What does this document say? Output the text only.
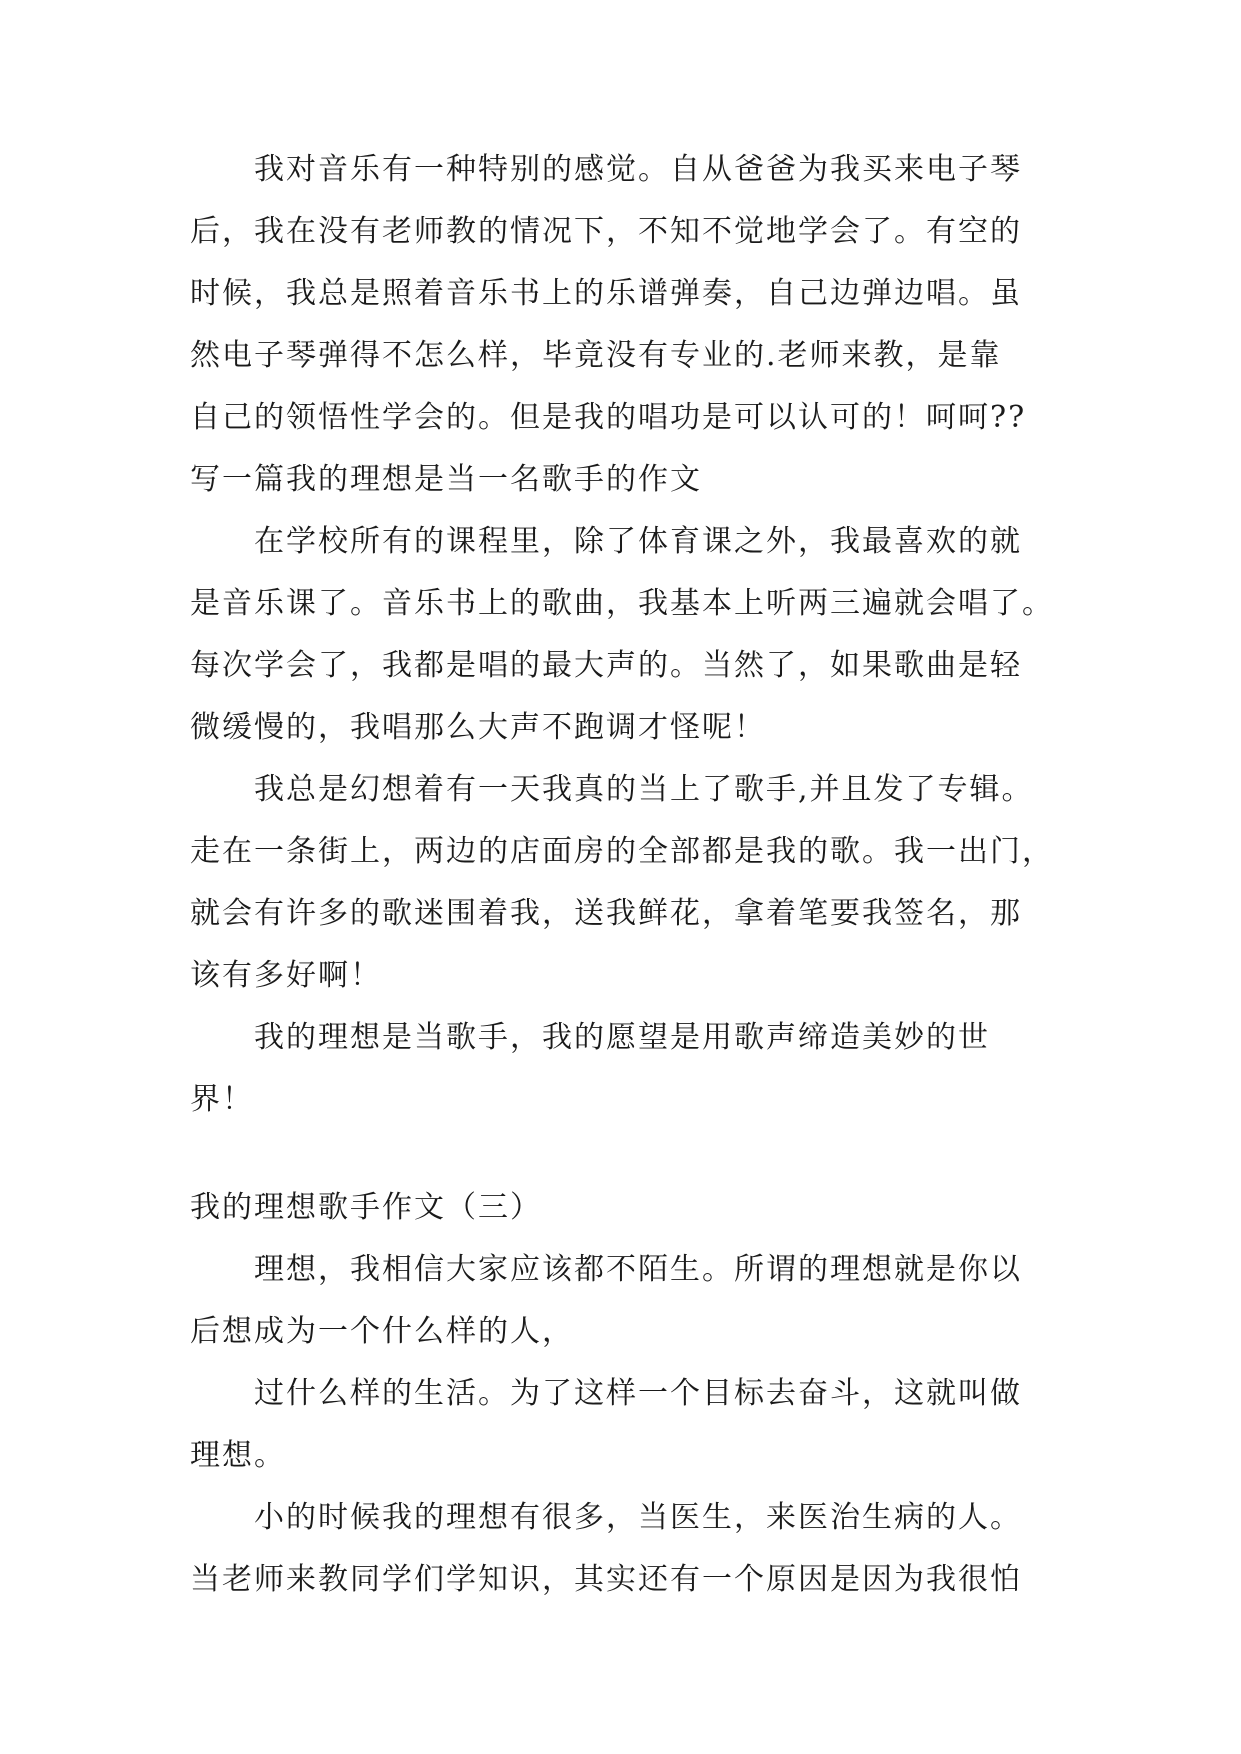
我对音乐有一种特别的感觉。自从爸爸为我买来电子琴
后，我在没有老师教的情况下，不知不觉地学会了。有空的
时候，我总是照着音乐书上的乐谱弹奏，自己边弹边唱。虽
然电子琴弹得不怎么样，毕竟没有专业的.老师来教，是靠
自己的领悟性学会的。但是我的唱功是可以认可的！呵呵??
写一篇我的理想是当一名歌手的作文
在学校所有的课程里，除了体育课之外，我最喜欢的就
是音乐课了。音乐书上的歌曲，我基本上听两三遍就会唱了。
每次学会了，我都是唱的最大声的。当然了，如果歌曲是轻
微缓慢的，我唱那么大声不跑调才怪呢！
我总是幻想着有一天我真的当上了歌手,并且发了专辑。
走在一条街上，两边的店面房的全部都是我的歌。我一出门，
就会有许多的歌迷围着我，送我鲜花，拿着笔要我签名，那
该有多好啊！
我的理想是当歌手，我的愿望是用歌声缔造美妙的世
界！
我的理想歌手作文（三）
理想，我相信大家应该都不陌生。所谓的理想就是你以
后想成为一个什么样的人，
过什么样的生活。为了这样一个目标去奋斗，这就叫做
理想。
小的时候我的理想有很多，当医生，来医治生病的人。
当老师来教同学们学知识，其实还有一个原因是因为我很怕
